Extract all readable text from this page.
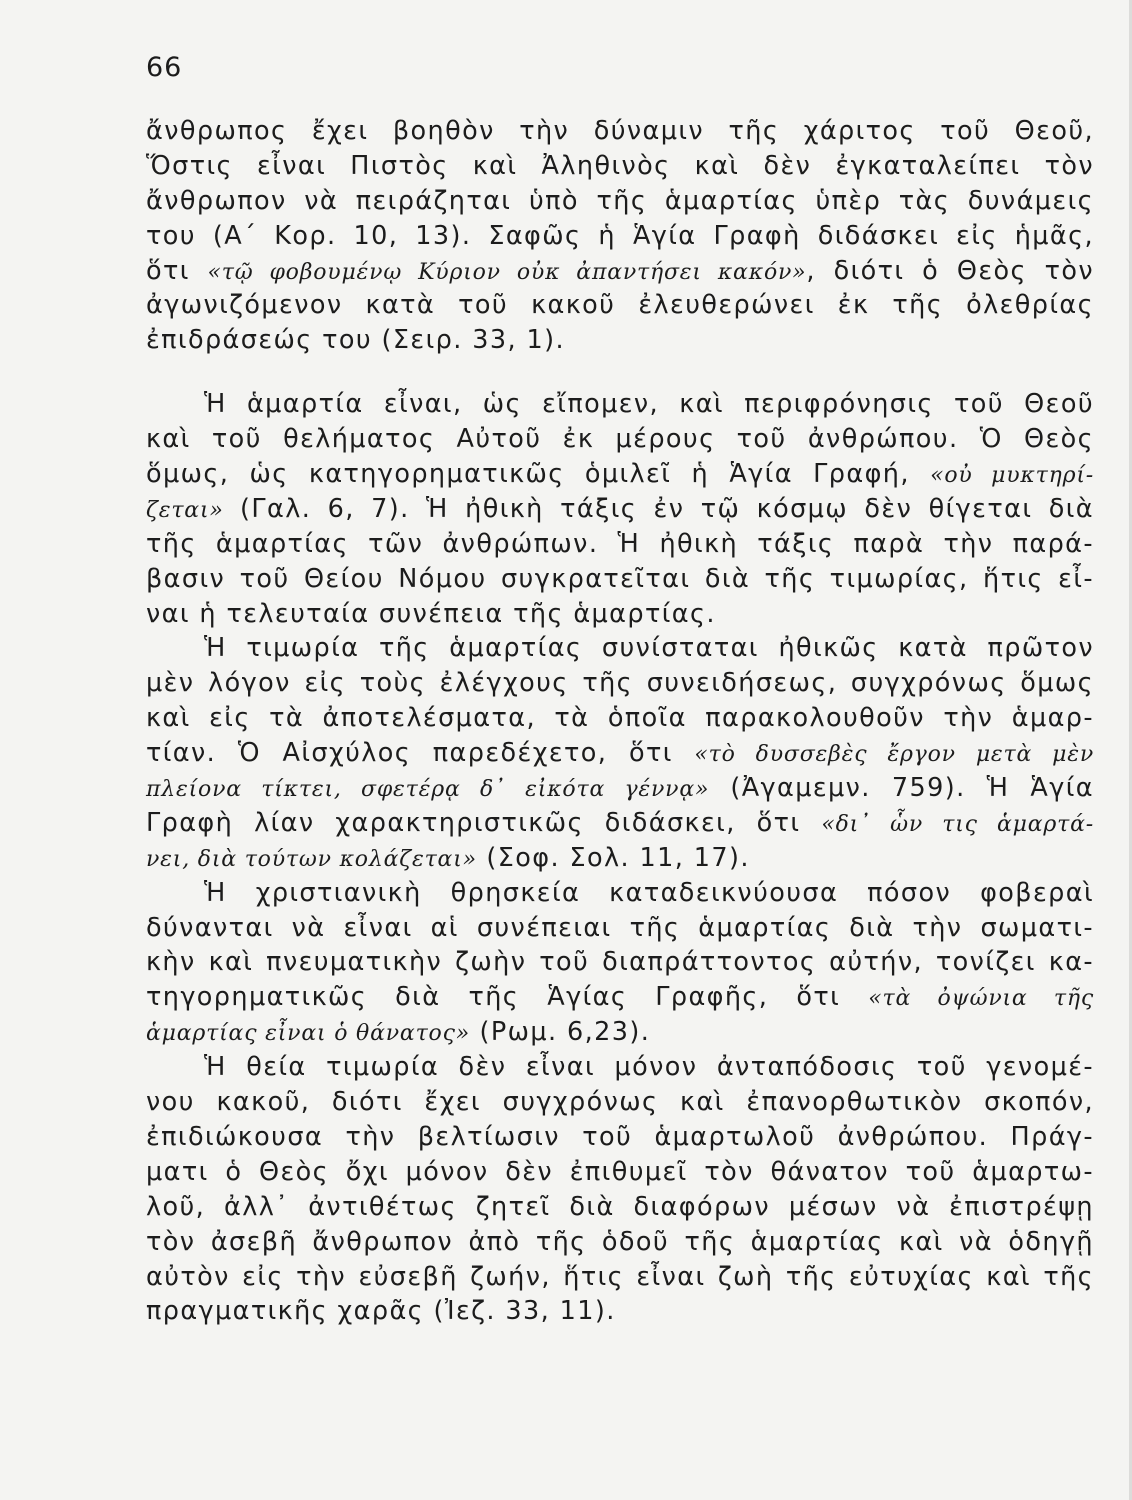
66
ἄνθρωπος ἔχει βοηθὸν τὴν δύναμιν τῆς χάριτος τοῦ Θεοῦ,
Ὅστις εἶναι Πιστὸς καὶ Ἀληθινὸς καὶ δὲν ἐγκαταλείπει τὸν
ἄνθρωπον νὰ πειράζηται ὑπὸ τῆς ἁμαρτίας ὑπὲρ τὰς δυνάμεις
του (Α΄ Κορ. 10, 13). Σαφῶς ἡ Ἁγία Γραφὴ διδάσκει εἰς ἡμᾶς,
ὅτι «τῷ φοβουμένῳ Κύριον οὐκ ἀπαντήσει κακόν», διότι ὁ Θεὸς τὸν
ἀγωνιζόμενον κατὰ τοῦ κακοῦ ἐλευθερώνει ἐκ τῆς ὀλεθρίας
ἐπιδράσεώς του (Σειρ. 33, 1).
Ἡ ἁμαρτία εἶναι, ὡς εἴπομεν, καὶ περιφρόνησις τοῦ Θεοῦ
καὶ τοῦ θελήματος Αὐτοῦ ἐκ μέρους τοῦ ἀνθρώπου. Ὁ Θεὸς
ὅμως, ὡς κατηγορηματικῶς ὁμιλεῖ ἡ Ἁγία Γραφή, «οὐ μυκτηρί-
ζεται» (Γαλ. 6, 7). Ἡ ἠθικὴ τάξις ἐν τῷ κόσμῳ δὲν θίγεται διὰ
τῆς ἁμαρτίας τῶν ἀνθρώπων. Ἡ ἠθικὴ τάξις παρὰ τὴν παρά-
βασιν τοῦ Θείου Νόμου συγκρατεῖται διὰ τῆς τιμωρίας, ἥτις εἶ-
ναι ἡ τελευταία συνέπεια τῆς ἁμαρτίας.
Ἡ τιμωρία τῆς ἁμαρτίας συνίσταται ἠθικῶς κατὰ πρῶτον
μὲν λόγον εἰς τοὺς ἐλέγχους τῆς συνειδήσεως, συγχρόνως ὅμως
καὶ εἰς τὰ ἀποτελέσματα, τὰ ὁποῖα παρακολουθοῦν τὴν ἁμαρ-
τίαν. Ὁ Αἰσχύλος παρεδέχετο, ὅτι «τὸ δυσσεβὲς ἔργον μετὰ μὲν
πλείονα τίκτει, σφετέρᾳ δ᾽ εἰκότα γέννᾳ» (Ἀγαμεμν. 759). Ἡ Ἁγία
Γραφὴ λίαν χαρακτηριστικῶς διδάσκει, ὅτι «δι᾽ ὧν τις ἁμαρτά-
νει, διὰ τούτων κολάζεται» (Σοφ. Σολ. 11, 17).
Ἡ χριστιανικὴ θρησκεία καταδεικνύουσα πόσον φοβεραὶ
δύνανται νὰ εἶναι αἱ συνέπειαι τῆς ἁμαρτίας διὰ τὴν σωματι-
κὴν καὶ πνευματικὴν ζωὴν τοῦ διαπράττοντος αὐτήν, τονίζει κα-
τηγορηματικῶς διὰ τῆς Ἁγίας Γραφῆς, ὅτι «τὰ ὀψώνια τῆς
ἁμαρτίας εἶναι ὁ θάνατος» (Ρωμ. 6,23).
Ἡ θεία τιμωρία δὲν εἶναι μόνον ἀνταπόδοσις τοῦ γενομέ-
νου κακοῦ, διότι ἔχει συγχρόνως καὶ ἐπανορθωτικὸν σκοπόν,
ἐπιδιώκουσα τὴν βελτίωσιν τοῦ ἁμαρτωλοῦ ἀνθρώπου. Πράγ-
ματι ὁ Θεὸς ὄχι μόνον δὲν ἐπιθυμεῖ τὸν θάνατον τοῦ ἁμαρτω-
λοῦ, ἀλλ᾽ ἀντιθέτως ζητεῖ διὰ διαφόρων μέσων νὰ ἐπιστρέψῃ
τὸν ἀσεβῆ ἄνθρωπον ἀπὸ τῆς ὁδοῦ τῆς ἁμαρτίας καὶ νὰ ὁδηγῇ
αὐτὸν εἰς τὴν εὐσεβῆ ζωήν, ἥτις εἶναι ζωὴ τῆς εὐτυχίας καὶ τῆς
πραγματικῆς χαρᾶς (Ἰεζ. 33, 11).
